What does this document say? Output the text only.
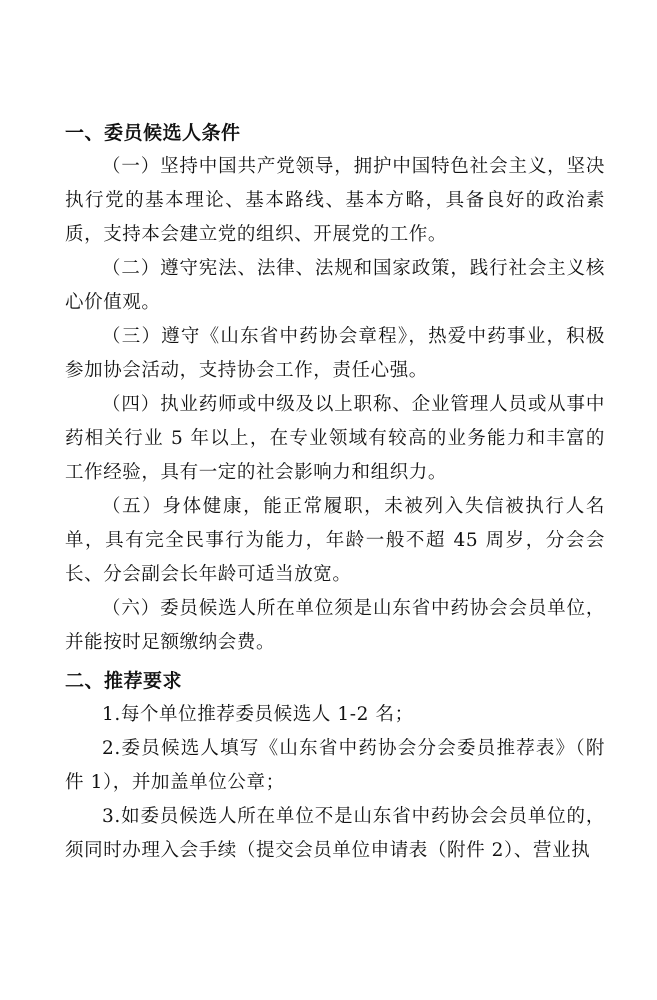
一、委员候选人条件

（一）坚持中国共产党领导，拥护中国特色社会主义，坚决执行党的基本理论、基本路线、基本方略，具备良好的政治素质，支持本会建立党的组织、开展党的工作。

（二）遵守宪法、法律、法规和国家政策，践行社会主义核心价值观。

（三）遵守《山东省中药协会章程》，热爱中药事业，积极参加协会活动，支持协会工作，责任心强。

（四）执业药师或中级及以上职称、企业管理人员或从事中药相关行业 5 年以上，在专业领域有较高的业务能力和丰富的工作经验，具有一定的社会影响力和组织力。

（五）身体健康，能正常履职，未被列入失信被执行人名单，具有完全民事行为能力，年龄一般不超 45 周岁，分会会长、分会副会长年龄可适当放宽。

（六）委员候选人所在单位须是山东省中药协会会员单位，并能按时足额缴纳会费。

二、推荐要求

1.每个单位推荐委员候选人 1-2 名；

2.委员候选人填写《山东省中药协会分会委员推荐表》（附件 1），并加盖单位公章；

3.如委员候选人所在单位不是山东省中药协会会员单位的，须同时办理入会手续（提交会员单位申请表（附件 2）、营业执
